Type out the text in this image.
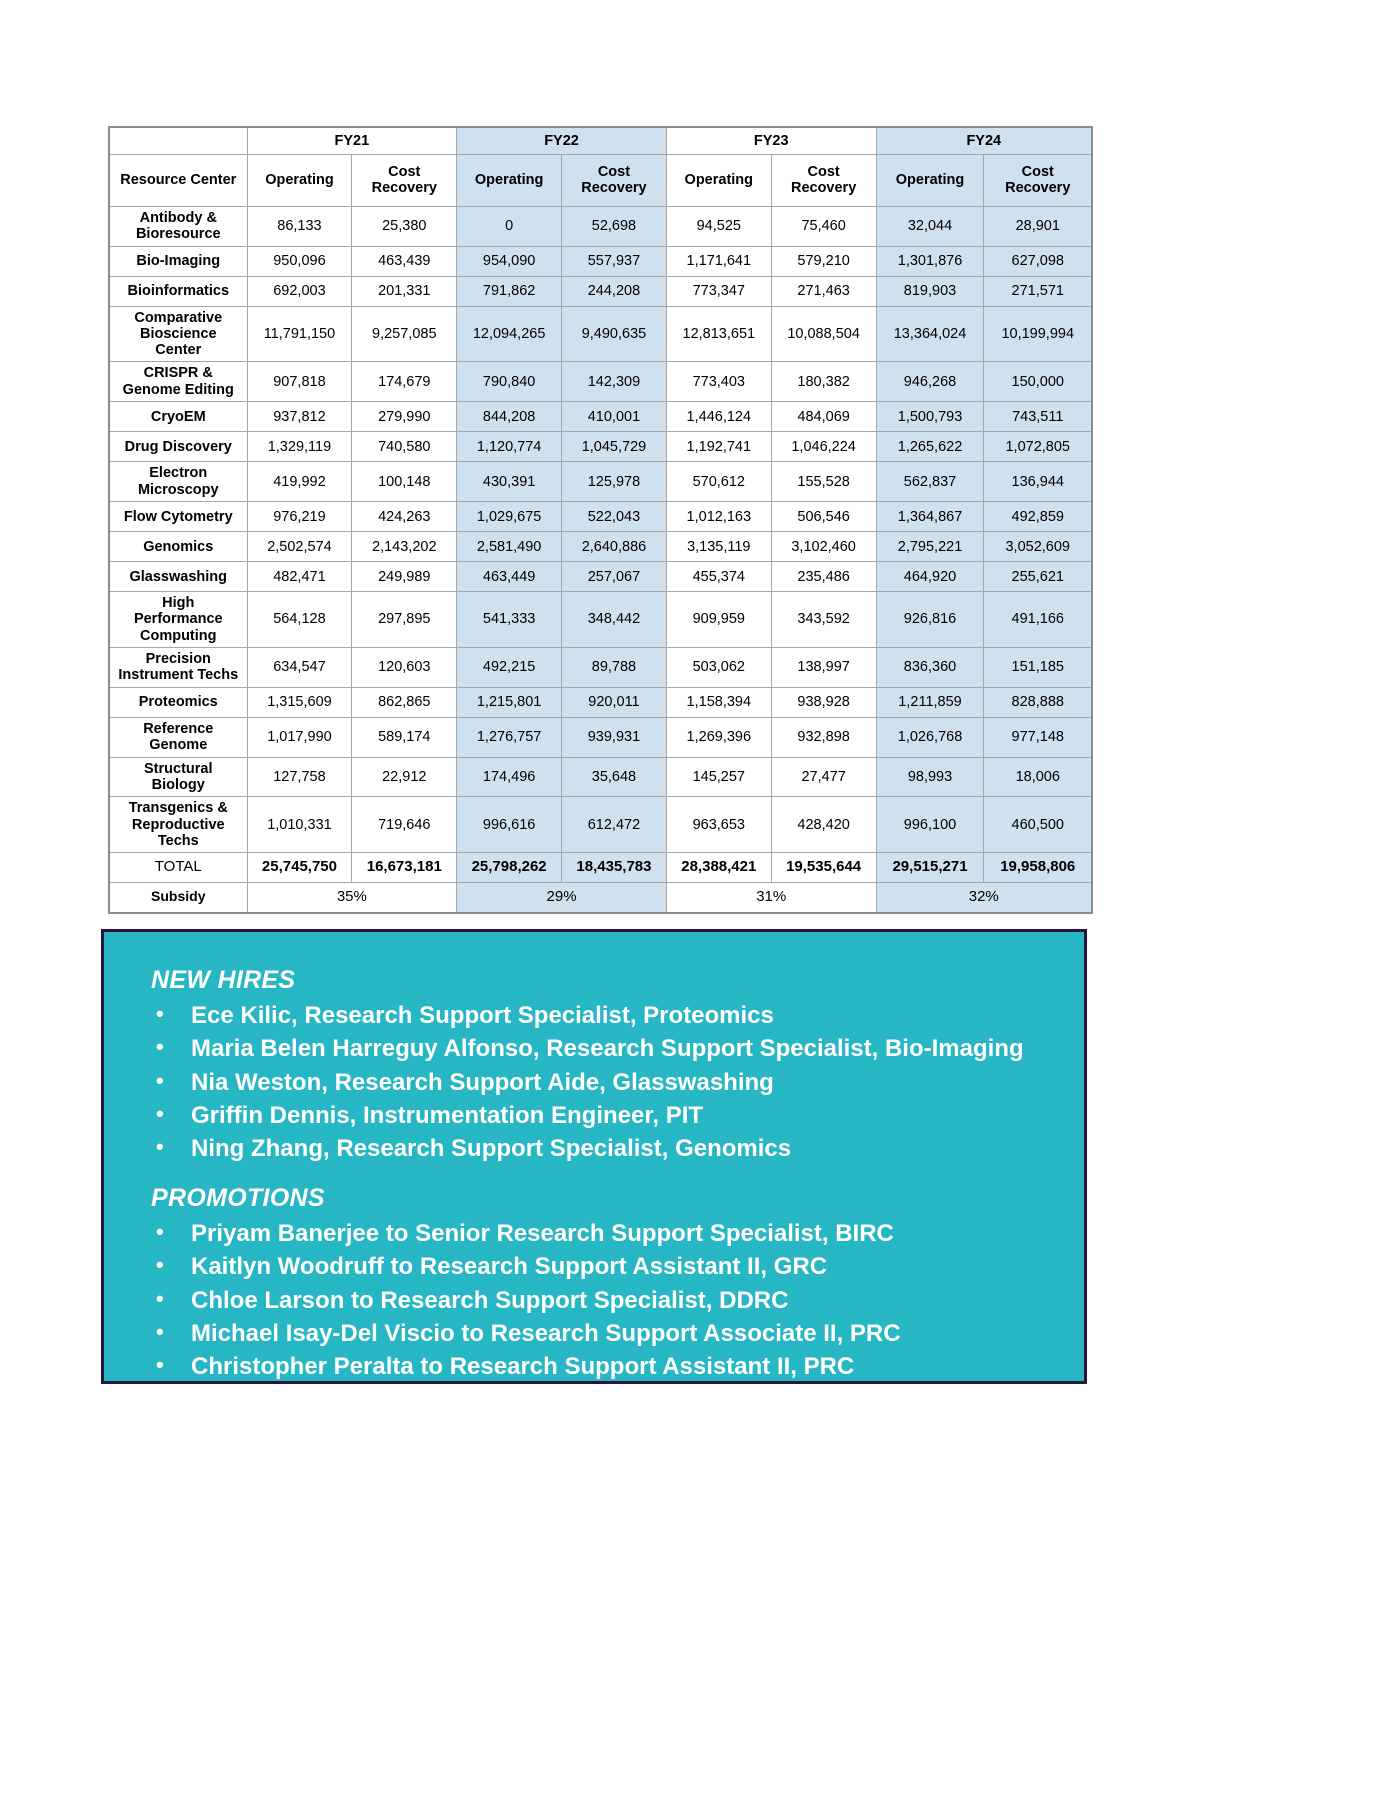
	FY21		FY22		FY23		FY24	
Resource Center	Operating	Cost Recovery	Operating	Cost Recovery	Operating	Cost Recovery	Operating	Cost Recovery
Antibody & Bioresource	86,133	25,380	0	52,698	94,525	75,460	32,044	28,901
Bio-Imaging	950,096	463,439	954,090	557,937	1,171,641	579,210	1,301,876	627,098
Bioinformatics	692,003	201,331	791,862	244,208	773,347	271,463	819,903	271,571
Comparative Bioscience Center	11,791,150	9,257,085	12,094,265	9,490,635	12,813,651	10,088,504	13,364,024	10,199,994
CRISPR & Genome Editing	907,818	174,679	790,840	142,309	773,403	180,382	946,268	150,000
CryoEM	937,812	279,990	844,208	410,001	1,446,124	484,069	1,500,793	743,511
Drug Discovery	1,329,119	740,580	1,120,774	1,045,729	1,192,741	1,046,224	1,265,622	1,072,805
Electron Microscopy	419,992	100,148	430,391	125,978	570,612	155,528	562,837	136,944
Flow Cytometry	976,219	424,263	1,029,675	522,043	1,012,163	506,546	1,364,867	492,859
Genomics	2,502,574	2,143,202	2,581,490	2,640,886	3,135,119	3,102,460	2,795,221	3,052,609
Glasswashing	482,471	249,989	463,449	257,067	455,374	235,486	464,920	255,621
High Performance Computing	564,128	297,895	541,333	348,442	909,959	343,592	926,816	491,166
Precision Instrument Techs	634,547	120,603	492,215	89,788	503,062	138,997	836,360	151,185
Proteomics	1,315,609	862,865	1,215,801	920,011	1,158,394	938,928	1,211,859	828,888
Reference Genome	1,017,990	589,174	1,276,757	939,931	1,269,396	932,898	1,026,768	977,148
Structural Biology	127,758	22,912	174,496	35,648	145,257	27,477	98,993	18,006
Transgenics & Reproductive Techs	1,010,331	719,646	996,616	612,472	963,653	428,420	996,100	460,500
TOTAL	25,745,750	16,673,181	25,798,262	18,435,783	28,388,421	19,535,644	29,515,271	19,958,806
Subsidy	35%		29%		31%		32%	
NEW HIRES
• Ece Kilic, Research Support Specialist, Proteomics
• Maria Belen Harreguy Alfonso, Research Support Specialist, Bio-Imaging
• Nia Weston, Research Support Aide, Glasswashing
• Griffin Dennis, Instrumentation Engineer, PIT
• Ning Zhang, Research Support Specialist, Genomics
PROMOTIONS
• Priyam Banerjee to Senior Research Support Specialist, BIRC
• Kaitlyn Woodruff to Research Support Assistant II, GRC
• Chloe Larson to Research Support Specialist, DDRC
• Michael Isay-Del Viscio to Research Support Associate II, PRC
• Christopher Peralta to Research Support Assistant II, PRC
